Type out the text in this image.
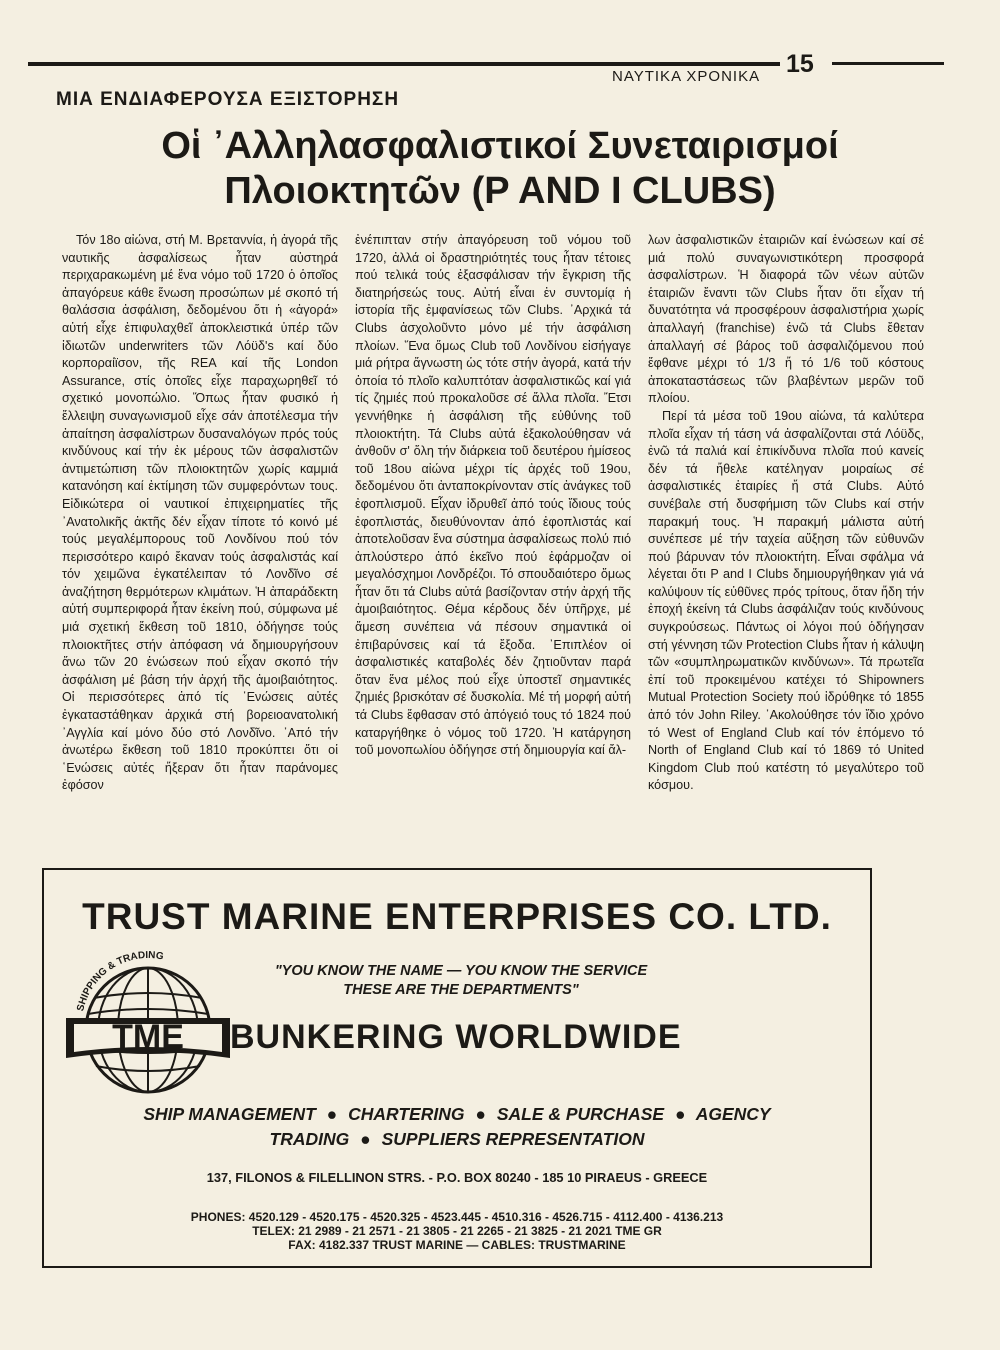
ΝΑΥΤΙΚΑ ΧΡΟΝΙΚΑ 15
ΜΙΑ ΕΝΔΙΑΦΕΡΟΥΣΑ ΕΞΙΣΤΟΡΗΣΗ
Οἱ ᾿Αλληλασφαλιστικοί Συνεταιρισμοί
Πλοιοκτητῶν (P AND I CLUBS)

Τόν 18ο αἰώνα, στή Μ. Βρεταννία, ἡ ἀγορά τῆς ναυτικῆς ἀσφαλίσεως ἦταν αὐστηρά περιχαρακωμένη μέ ἕνα νόμο τοῦ 1720 ὁ ὁποῖος ἀπαγόρευε κάθε ἕνωση προσώπων μέ σκοπό τή θαλάσσια ἀσφάλιση, δεδομένου ὅτι ἡ «ἀγορά» αὐτή εἶχε ἐπιφυλαχθεῖ ἀποκλειστικά ὑπέρ τῶν ἰδιωτῶν underwriters τῶν Λόϋδ's καί δύο κορποραίϊσον, τῆς REA καί τῆς London Assurance, στίς ὁποῖες εἶχε παραχωρηθεῖ τό σχετικό μονοπώλιο. Ὅπως ἦταν φυσικό ἡ ἔλλειψη συναγωνισμοῦ εἶχε σάν ἀποτέλεσμα τήν ἀπαίτηση ἀσφαλίστρων δυσαναλόγων πρός τούς κινδύνους καί τήν ἐκ μέρους τῶν ἀσφαλιστῶν ἀντιμετώπιση τῶν πλοιοκτητῶν χωρίς καμμιά κατανόηση καί ἐκτίμηση τῶν συμφερόντων τους. Εἰδικώτερα οἱ ναυτικοί ἐπιχειρηματίες τῆς ᾿Ανατολικῆς ἀκτῆς δέν εἶχαν τίποτε τό κοινό μέ τούς μεγαλέμπορους τοῦ Λονδίνου πού τόν περισσότερο καιρό ἔκαναν τούς ἀσφαλιστάς καί τόν χειμῶνα ἐγκατέλειπαν τό Λονδῖνο σέ ἀναζήτηση θερμότερων κλιμάτων. Ἡ ἀπαράδεκτη αὐτή συμπεριφορά ἦταν ἐκείνη πού, σύμφωνα μέ μιά σχετική ἔκθεση τοῦ 1810, ὁδήγησε τούς πλοιοκτῆτες στήν ἀπόφαση νά δημιουργήσουν ἄνω τῶν 20 ἑνώσεων πού εἶχαν σκοπό τήν ἀσφάλιση μέ βάση τήν ἀρχή τῆς ἀμοιβαιότητος. Οἱ περισσότερες ἀπό τίς ῾Ενώσεις αὐτές ἐγκαταστάθηκαν ἀρχικά στή βορειοανατολική ᾿Αγγλία καί μόνο δύο στό Λονδῖνο. ᾿Από τήν ἀνωτέρω ἔκθεση τοῦ 1810 προκύπτει ὅτι οἱ ῾Ενώσεις αὐτές ἤξεραν ὅτι ἦταν παράνομες ἐφόσον

ἐνέπιπταν στήν ἀπαγόρευση τοῦ νόμου τοῦ 1720, ἀλλά οἱ δραστηριότητές τους ἦταν τέτοιες πού τελικά τούς ἐξασφάλισαν τήν ἔγκριση τῆς διατηρήσεώς τους. Αὐτή εἶναι ἐν συντομίᾳ ἡ ἱστορία τῆς ἐμφανίσεως τῶν Clubs. ᾿Αρχικά τά Clubs ἀσχολοῦντο μόνο μέ τήν ἀσφάλιση πλοίων. Ἕνα ὅμως Club τοῦ Λονδίνου εἰσήγαγε μιά ρήτρα ἄγνωστη ὡς τότε στήν ἀγορά, κατά τήν ὁποία τό πλοῖο καλυπτόταν ἀσφαλιστικῶς καί γιά τίς ζημιές πού προκαλοῦσε σέ ἄλλα πλοῖα. Ἔτσι γεννήθηκε ἡ ἀσφάλιση τῆς εὐθύνης τοῦ πλοιοκτήτη. Τά Clubs αὐτά ἐξακολούθησαν νά ἀνθοῦν σ' ὅλη τήν διάρκεια τοῦ δευτέρου ἡμίσεος τοῦ 18ου αἰώνα μέχρι τίς ἀρχές τοῦ 19ου, δεδομένου ὅτι ἀνταποκρίνονταν στίς ἀνάγκες τοῦ ἐφοπλισμοῦ. Εἶχαν ἱδρυθεῖ ἀπό τούς ἴδιους τούς ἐφοπλιστάς, διευθύνονταν ἀπό ἐφοπλιστάς καί ἀποτελοῦσαν ἕνα σύστημα ἀσφαλίσεως πολύ πιό ἁπλούστερο ἀπό ἐκεῖνο πού ἐφάρμοζαν οἱ μεγαλόσχημοι Λονδρέζοι. Τό σπουδαιότερο ὅμως ἦταν ὅτι τά Clubs αὐτά βασίζονταν στήν ἀρχή τῆς ἀμοιβαιότητος. Θέμα κέρδους δέν ὑπῆρχε, μέ ἄμεση συνέπεια νά πέσουν σημαντικά οἱ ἐπιβαρύνσεις καί τά ἔξοδα. ᾿Επιπλέον οἱ ἀσφαλιστικές καταβολές δέν ζητιοῦνταν παρά ὅταν ἕνα μέλος πού εἶχε ὑποστεῖ σημαντικές ζημιές βρισκόταν σέ δυσκολία. Μέ τή μορφή αὐτή τά Clubs ἔφθασαν στό ἀπόγειό τους τό 1824 πού καταργήθηκε ὁ νόμος τοῦ 1720. Ἡ κατάργηση τοῦ μονοπωλίου ὁδήγησε στή δημιουργία καί ἄλ-

λων ἀσφαλιστικῶν ἑταιριῶν καί ἑνώσεων καί σέ μιά πολύ συναγωνιστικότερη προσφορά ἀσφαλίστρων. Ἡ διαφορά τῶν νέων αὐτῶν ἑταιριῶν ἔναντι τῶν Clubs ἦταν ὅτι εἶχαν τή δυνατότητα νά προσφέρουν ἀσφαλιστήρια χωρίς ἀπαλλαγή (franchise) ἐνῶ τά Clubs ἔθεταν ἀπαλλαγή σέ βάρος τοῦ ἀσφαλιζόμενου πού ἔφθανε μέχρι τό 1/3 ἤ τό 1/6 τοῦ κόστους ἀποκαταστάσεως τῶν βλαβέντων μερῶν τοῦ πλοίου.

Περί τά μέσα τοῦ 19ου αἰώνα, τά καλύτερα πλοῖα εἶχαν τή τάση νά ἀσφαλίζονται στά Λόϋδς, ἐνῶ τά παλιά καί ἐπικίνδυνα πλοῖα πού κανείς δέν τά ἤθελε κατέληγαν μοιραίως σέ ἀσφαλιστικές ἑταιρίες ἤ στά Clubs. Αὐτό συνέβαλε στή δυσφήμιση τῶν Clubs καί στήν παρακμή τους. Ἡ παρακμή μάλιστα αὐτή συνέπεσε μέ τήν ταχεία αὔξηση τῶν εὐθυνῶν πού βάρυναν τόν πλοιοκτήτη. Εἶναι σφάλμα νά λέγεται ὅτι P and I Clubs δημιουργήθηκαν γιά νά καλύψουν τίς εὐθῦνες πρός τρίτους, ὅταν ἤδη τήν ἐποχή ἐκείνη τά Clubs ἀσφάλιζαν τούς κινδύνους συγκρούσεως. Πάντως οἱ λόγοι πού ὁδήγησαν στή γέννηση τῶν Protection Clubs ἦταν ἡ κάλυψη τῶν «συμπληρωματικῶν κινδύνων». Τά πρωτεῖα ἐπί τοῦ προκειμένου κατέχει τό Shipowners Mutual Protection Society πού ἱδρύθηκε τό 1855 ἀπό τόν John Riley. ᾿Ακολούθησε τόν ἴδιο χρόνο τό West of England Club καί τόν ἑπόμενο τό North of England Club καί τό 1869 τό United Kingdom Club πού κατέστη τό μεγαλύτερο τοῦ κόσμου.

TRUST MARINE ENTERPRISES CO. LTD.
TME
SHIPPING & TRADING
"YOU KNOW THE NAME — YOU KNOW THE SERVICE
THESE ARE THE DEPARTMENTS"
BUNKERING WORLDWIDE
SHIP MANAGEMENT ● CHARTERING ● SALE & PURCHASE ● AGENCY
TRADING ● SUPPLIERS REPRESENTATION
137, FILONOS & FILELLINON STRS. - P.O. BOX 80240 - 185 10 PIRAEUS - GREECE
PHONES: 4520.129 - 4520.175 - 4520.325 - 4523.445 - 4510.316 - 4526.715 - 4112.400 - 4136.213
TELEX: 21 2989 - 21 2571 - 21 3805 - 21 2265 - 21 3825 - 21 2021 TME GR
FAX: 4182.337 TRUST MARINE — CABLES: TRUSTMARINE
